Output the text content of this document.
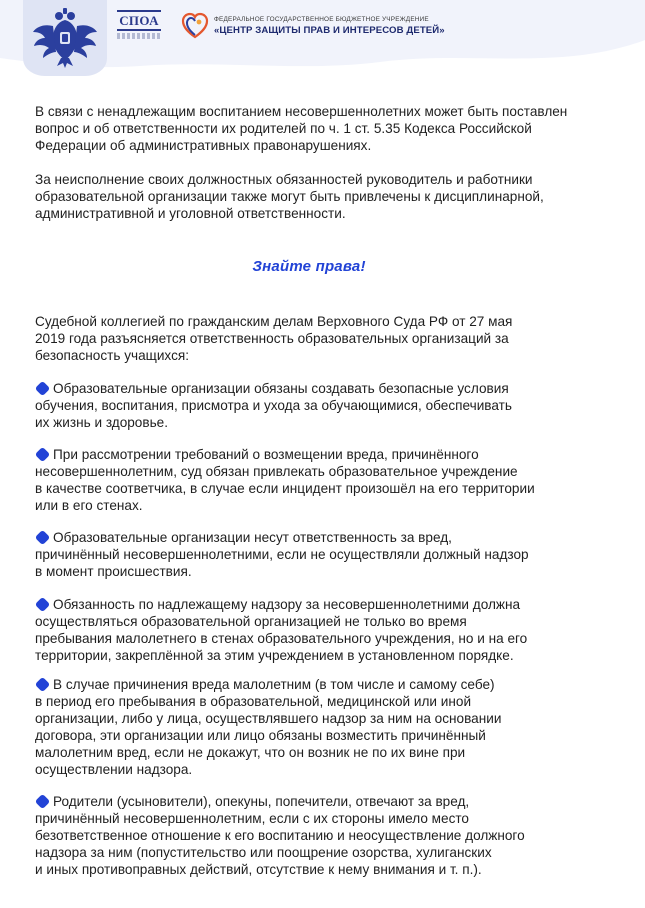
СПОА	ФЕДЕРАЛЬНОЕ ГОСУДАРСТВЕННОЕ БЮДЖЕТНОЕ УЧРЕЖДЕНИЕ
«ЦЕНТР ЗАЩИТЫ ПРАВ И ИНТЕРЕСОВ ДЕТЕЙ»

В связи с ненадлежащим воспитанием несовершеннолетних может быть поставлен
вопрос и об ответственности их родителей по ч. 1 ст. 5.35 Кодекса Российской
Федерации об административных правонарушениях.

За неисполнение своих должностных обязанностей руководитель и работники
образовательной организации также могут быть привлечены к дисциплинарной,
административной и уголовной ответственности.

Знайте права!

Судебной коллегией по гражданским делам Верховного Суда РФ от 27 мая
2019 года разъясняется ответственность образовательных организаций за
безопасность учащихся:

Образовательные организации обязаны создавать безопасные условия
обучения, воспитания, присмотра и ухода за обучающимися, обеспечивать
их жизнь и здоровье.

При рассмотрении требований о возмещении вреда, причинённого
несовершеннолетним, суд обязан привлекать образовательное учреждение
в качестве соответчика, в случае если инцидент произошёл на его территории
или в его стенах.

Образовательные организации несут ответственность за вред,
причинённый несовершеннолетними, если не осуществляли должный надзор
в момент происшествия.

Обязанность по надлежащему надзору за несовершеннолетними должна
осуществляться образовательной организацией не только во время
пребывания малолетнего в стенах образовательного учреждения, но и на его
территории, закреплённой за этим учреждением в установленном порядке.

В случае причинения вреда малолетним (в том числе и самому себе)
в период его пребывания в образовательной, медицинской или иной
организации, либо у лица, осуществлявшего надзор за ним на основании
договора, эти организации или лицо обязаны возместить причинённый
малолетним вред, если не докажут, что он возник не по их вине при
осуществлении надзора.

Родители (усыновители), опекуны, попечители, отвечают за вред,
причинённый несовершеннолетним, если с их стороны имело место
безответственное отношение к его воспитанию и неосуществление должного
надзора за ним (попустительство или поощрение озорства, хулиганских
и иных противоправных действий, отсутствие к нему внимания и т. п.).
